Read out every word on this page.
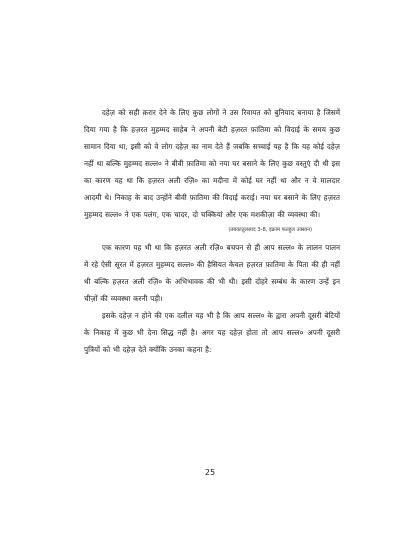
दहेज़ को सही क़रार देने के लिए कुछ लोगों ने उस रिवायत को बुनियाद बनाया है जिसमें दिया गया है कि हज़रत मुहम्मद साहेब ने अपनी बेटी हज़रत फ़ातिमा को विदाई के समय कुछ सामान दिया था, इसी को वे लोग दहेज़ का नाम देते हैं जबकि सच्चाई यह है कि यह कोई दहेज़ नहीं था बल्कि मुहम्मद सल्ल० ने बीवी फ़ातिमा को नया घर बसाने के लिए कुछ वस्तुएं दी थी इस का कारण यह था कि हज़रत अली रज़ि० का मदीना में कोई घर नहीं था और न वे मालदार आदमी थे। निकाह के बाद उन्होंने बीवी फ़ातिमा की विदाई कराई। नया घर बसाने के लिए हज़रत मुहम्मद सल्ल० ने एक पलंग, एक चादर, दो चक्कियां और एक मशकीज़ा की व्यवस्था की।

(तबकातुलसाद 3-8, इक्राम फतहुल उक्सान)

एक कारण यह भी था कि हज़रत अली रज़ि० बचपन से ही आप सल्ल० के लालन पालन में रहे ऐसी सूरत में हज़रत मुहम्मद सल्ल० की हैसियत केवल हज़रत फ़ातिमा के पिता की ही नहीं थी बल्कि हज़रत अली रज़ि० के अभिभावक की भी थी। इसी दोहरे सम्बंध के कारण उन्हें इन चीज़ों की व्यवस्था करनी पड़ी।

इसके दहेज़ न होने की एक दलील यह भी है कि आप सल्ल० के द्वारा अपनी दूसरी बेटियों के निकाह में कुछ भी देना सिद्ध नहीं है। अगर यह दहेज़ होता तो आप सल्ल० अपनी दूसरी पुत्रियों को भी दहेज़ देते क्योंकि उनका कहना है:

25
